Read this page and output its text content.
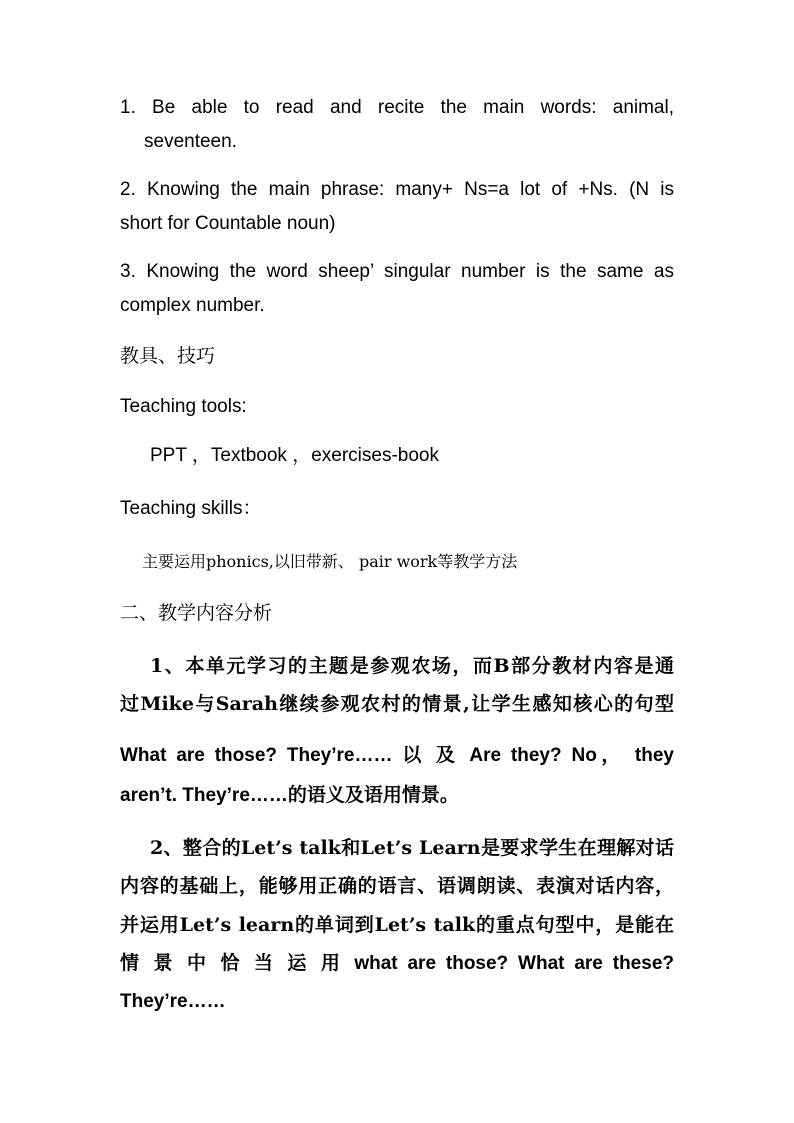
1. Be able to read and recite the main words: animal,
seventeen.
2. Knowing the main phrase: many+ Ns=a lot of +Ns. (N is
short for Countable noun)
3. Knowing the word sheep’ singular number is the same as
complex number.
教具、技巧
Teaching tools:
PPT ，Textbook ，exercises-book
Teaching skills：
主要运用phonics,以旧带新、 pair work等教学方法
二、教学内容分析
1、本单元学习的主题是参观农场，而B部分教材内容是通
过Mike与Sarah继续参观农村的情景,让学生感知核心的句型
What are those? They’re…… 以 及 Are they? No， they
aren’t. They’re……的语义及语用情景。
2、整合的Let’s talk和Let’s Learn是要求学生在理解对话
内容的基础上，能够用正确的语言、语调朗读、表演对话内容，
并运用Let’s learn的单词到Let’s talk的重点句型中，是能在
情 景 中 恰 当 运 用 what are those? What are these?
They’re……
